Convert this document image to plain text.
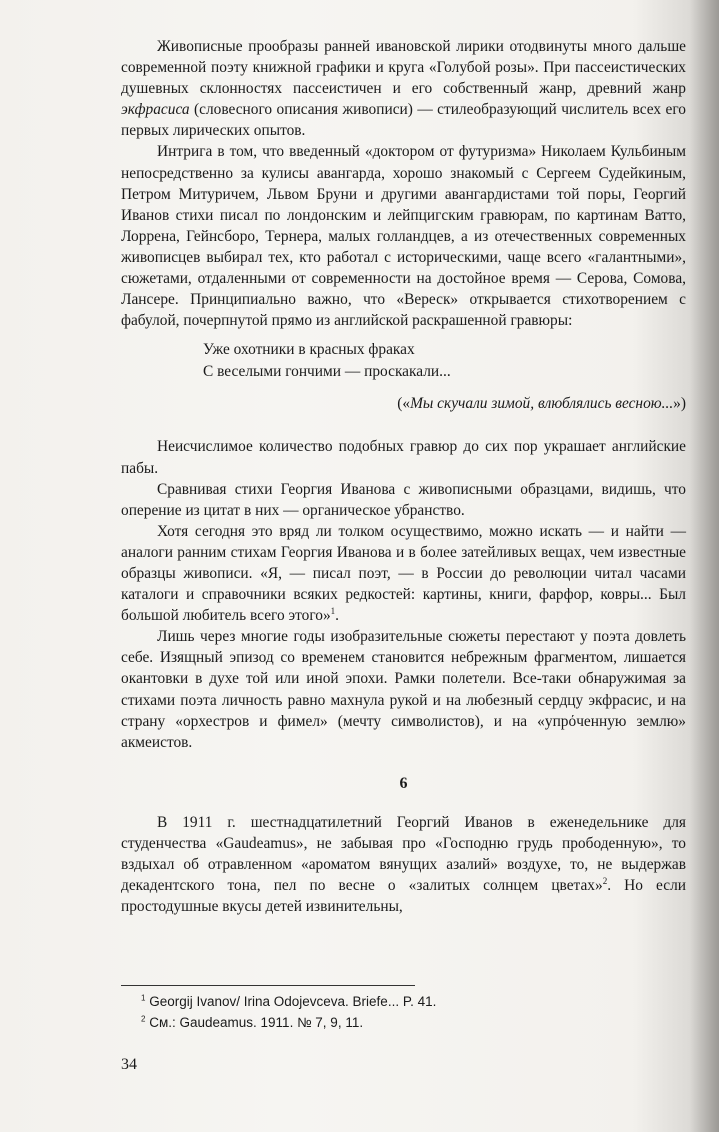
Живописные прообразы ранней ивановской лирики отодвинуты много дальше современной поэту книжной графики и круга «Голубой розы». При пассеистических душевных склонностях пассеистичен и его собственный жанр, древний жанр экфрасиса (словесного описания живописи) — стилеобразующий числитель всех его первых лирических опытов.

Интрига в том, что введенный «доктором от футуризма» Николаем Кульбиным непосредственно за кулисы авангарда, хорошо знакомый с Сергеем Судейкиным, Петром Митуричем, Львом Бруни и другими авангардистами той поры, Георгий Иванов стихи писал по лондонским и лейпцигским гравюрам, по картинам Ватто, Лоррена, Гейнсборо, Тернера, малых голландцев, а из отечественных современных живописцев выбирал тех, кто работал с историческими, чаще всего «галантными», сюжетами, отдаленными от современности на достойное время — Серова, Сомова, Лансере. Принципиально важно, что «Вереск» открывается стихотворением с фабулой, почерпнутой прямо из английской раскрашенной гравюры:

Уже охотники в красных фраках
С веселыми гончими — проскакали...
(«Мы скучали зимой, влюблялись весною...»)

Неисчислимое количество подобных гравюр до сих пор украшает английские пабы.

Сравнивая стихи Георгия Иванова с живописными образцами, видишь, что оперение из цитат в них — органическое убранство.

Хотя сегодня это вряд ли толком осуществимо, можно искать — и найти — аналоги ранним стихам Георгия Иванова и в более затейливых вещах, чем известные образцы живописи. «Я, — писал поэт, — в России до революции читал часами каталоги и справочники всяких редкостей: картины, книги, фарфор, ковры... Был большой любитель всего этого»$^1$.

Лишь через многие годы изобразительные сюжеты перестают у поэта довлеть себе. Изящный эпизод со временем становится небрежным фрагментом, лишается окантовки в духе той или иной эпохи. Рамки полетели. Все-таки обнаружимая за стихами поэта личность равно махнула рукой и на любезный сердцу экфрасис, и на страну «орхестров и фимел» (мечту символистов), и на «упрόченную землю» акмеистов.

6

В 1911 г. шестнадцатилетний Георгий Иванов в еженедельнике для студенчества «Gaudeamus», не забывая про «Господню грудь прободенную», то вздыхал об отравленном «ароматом вянущих азалий» воздухе, то, не выдержав декадентского тона, пел по весне о «залитых солнцем цветах»$^2$. Но если простодушные вкусы детей извинительны,

$^1$ Georgij Ivanov/ Irina Odojevceva. Briefe... P. 41.
$^2$ См.: Gaudeamus. 1911. № 7, 9, 11.
34
